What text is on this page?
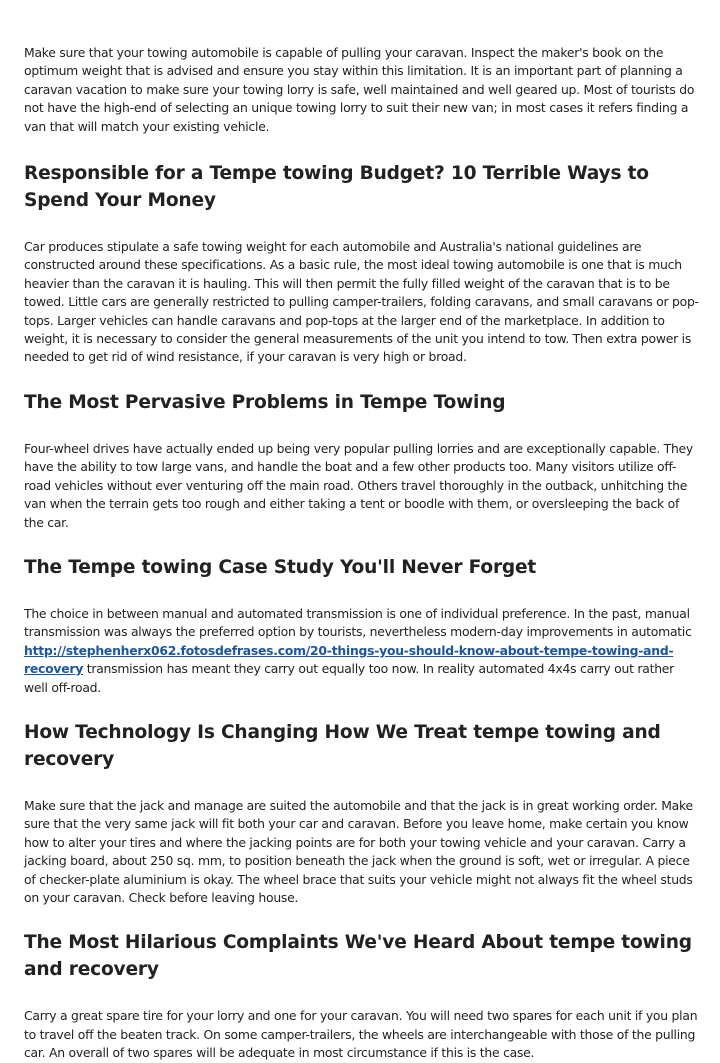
Make sure that your towing automobile is capable of pulling your caravan. Inspect the maker's book on the optimum weight that is advised and ensure you stay within this limitation. It is an important part of planning a caravan vacation to make sure your towing lorry is safe, well maintained and well geared up. Most of tourists do not have the high-end of selecting an unique towing lorry to suit their new van; in most cases it refers finding a van that will match your existing vehicle.

Responsible for a Tempe towing Budget? 10 Terrible Ways to Spend Your Money

Car produces stipulate a safe towing weight for each automobile and Australia's national guidelines are constructed around these specifications. As a basic rule, the most ideal towing automobile is one that is much heavier than the caravan it is hauling. This will then permit the fully filled weight of the caravan that is to be towed. Little cars are generally restricted to pulling camper-trailers, folding caravans, and small caravans or pop-tops. Larger vehicles can handle caravans and pop-tops at the larger end of the marketplace. In addition to weight, it is necessary to consider the general measurements of the unit you intend to tow. Then extra power is needed to get rid of wind resistance, if your caravan is very high or broad.

The Most Pervasive Problems in Tempe Towing

Four-wheel drives have actually ended up being very popular pulling lorries and are exceptionally capable. They have the ability to tow large vans, and handle the boat and a few other products too. Many visitors utilize off-road vehicles without ever venturing off the main road. Others travel thoroughly in the outback, unhitching the van when the terrain gets too rough and either taking a tent or boodle with them, or oversleeping the back of the car.

The Tempe towing Case Study You'll Never Forget

The choice in between manual and automated transmission is one of individual preference. In the past, manual transmission was always the preferred option by tourists, nevertheless modern-day improvements in automatic http://stephenherx062.fotosdefrases.com/20-things-you-should-know-about-tempe-towing-and-recovery transmission has meant they carry out equally too now. In reality automated 4x4s carry out rather well off-road.

How Technology Is Changing How We Treat tempe towing and recovery

Make sure that the jack and manage are suited the automobile and that the jack is in great working order. Make sure that the very same jack will fit both your car and caravan. Before you leave home, make certain you know how to alter your tires and where the jacking points are for both your towing vehicle and your caravan. Carry a jacking board, about 250 sq. mm, to position beneath the jack when the ground is soft, wet or irregular. A piece of checker-plate aluminium is okay. The wheel brace that suits your vehicle might not always fit the wheel studs on your caravan. Check before leaving house.

The Most Hilarious Complaints We've Heard About tempe towing and recovery

Carry a great spare tire for your lorry and one for your caravan. You will need two spares for each unit if you plan to travel off the beaten track. On some camper-trailers, the wheels are interchangeable with those of the pulling car. An overall of two spares will be adequate in most circumstance if this is the case.
